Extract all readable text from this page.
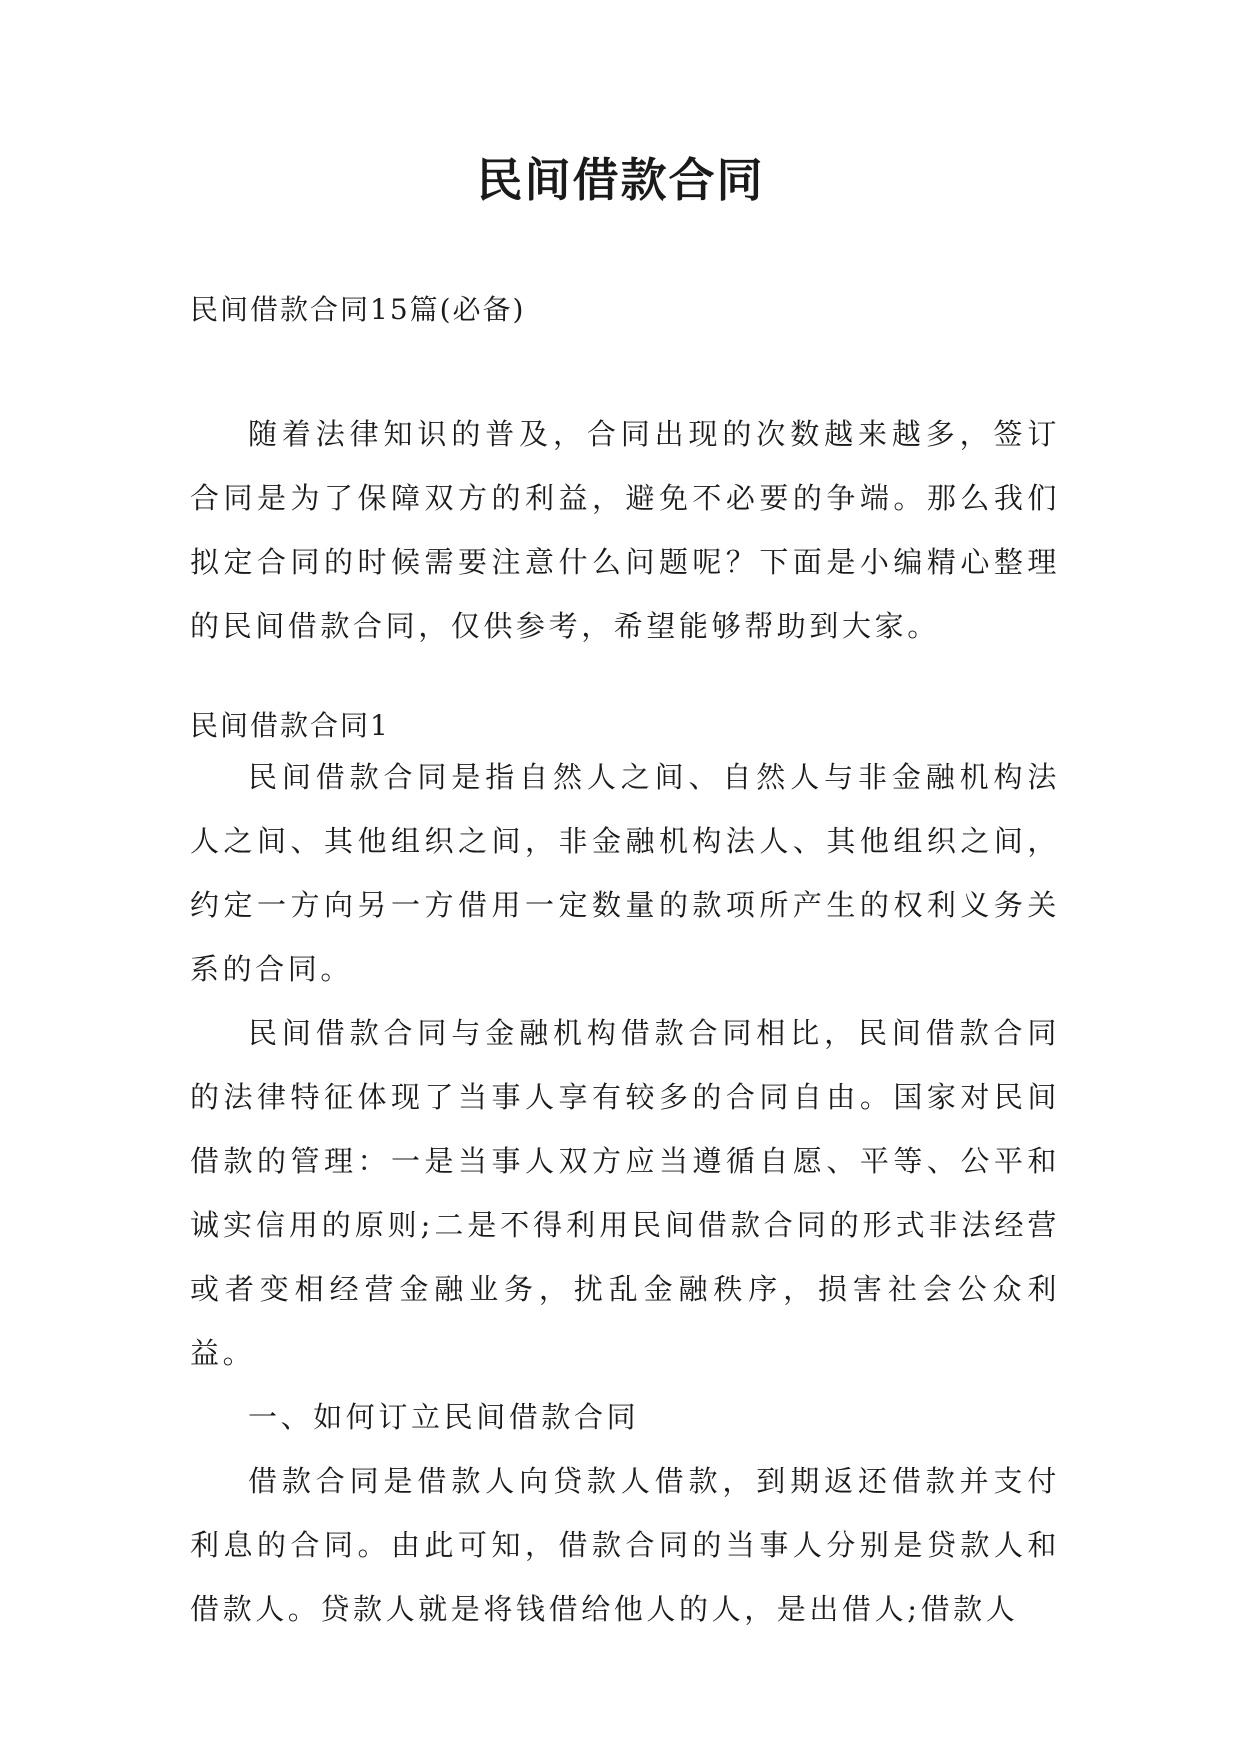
民间借款合同

民间借款合同15篇(必备)

随着法律知识的普及，合同出现的次数越来越多，签订合同是为了保障双方的利益，避免不必要的争端。那么我们拟定合同的时候需要注意什么问题呢？下面是小编精心整理的民间借款合同，仅供参考，希望能够帮助到大家。

民间借款合同1

民间借款合同是指自然人之间、自然人与非金融机构法人之间、其他组织之间，非金融机构法人、其他组织之间，约定一方向另一方借用一定数量的款项所产生的权利义务关系的合同。

民间借款合同与金融机构借款合同相比，民间借款合同的法律特征体现了当事人享有较多的合同自由。国家对民间借款的管理：一是当事人双方应当遵循自愿、平等、公平和诚实信用的原则;二是不得利用民间借款合同的形式非法经营或者变相经营金融业务，扰乱金融秩序，损害社会公众利益。

一、如何订立民间借款合同

借款合同是借款人向贷款人借款，到期返还借款并支付利息的合同。由此可知，借款合同的当事人分别是贷款人和借款人。贷款人就是将钱借给他人的人，是出借人;借款人
